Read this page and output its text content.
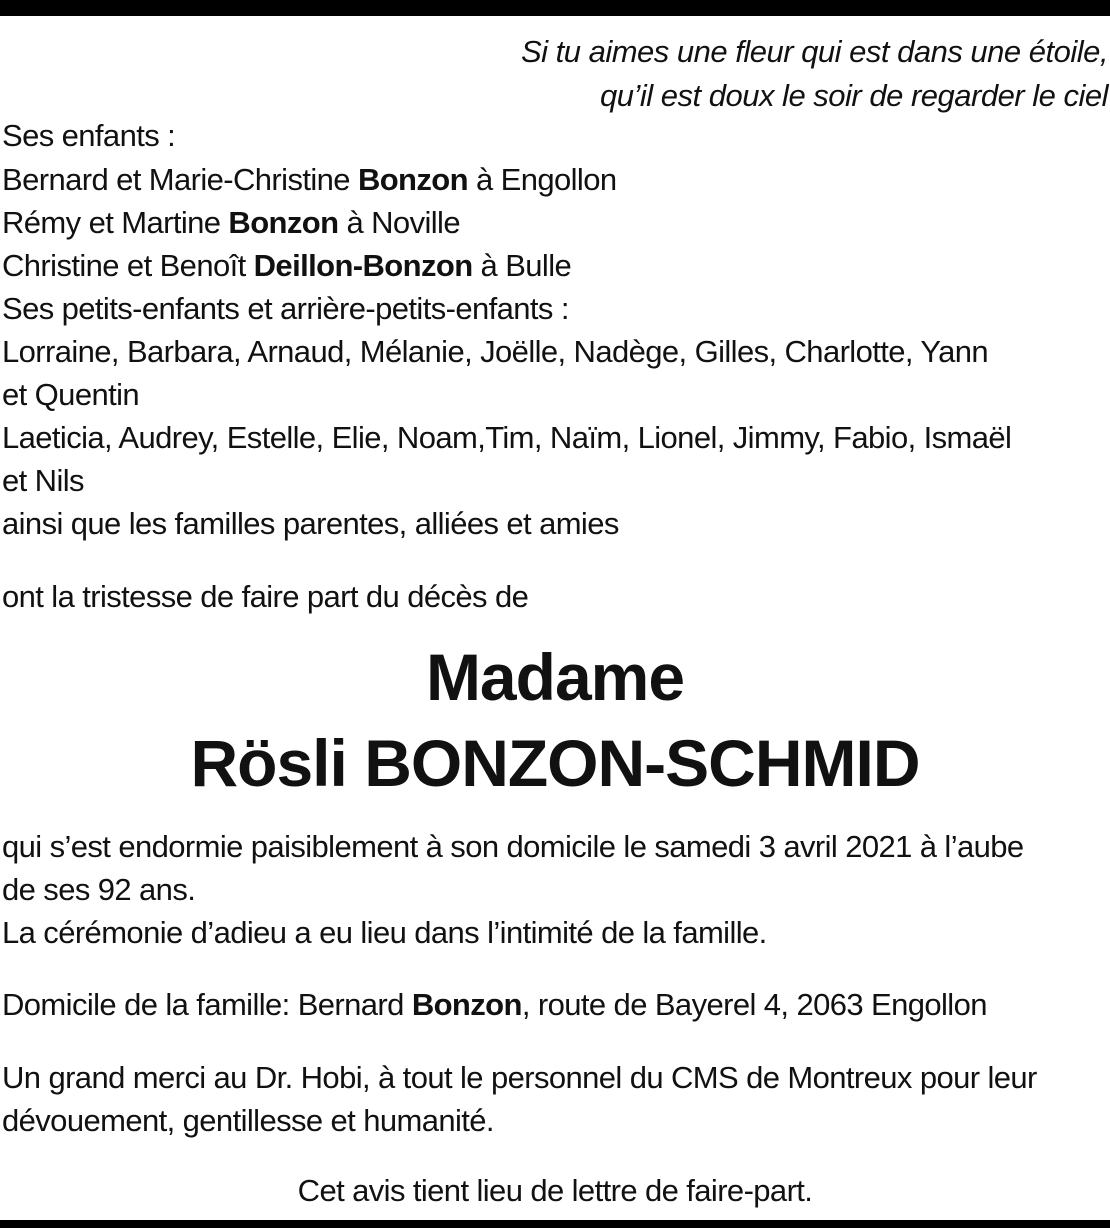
Si tu aimes une fleur qui est dans une étoile,
qu’il est doux le soir de regarder le ciel
Ses enfants :
Bernard et Marie-Christine Bonzon à Engollon
Rémy et Martine Bonzon à Noville
Christine et Benoît Deillon-Bonzon à Bulle
Ses petits-enfants et arrière-petits-enfants :
Lorraine, Barbara, Arnaud, Mélanie, Joëlle, Nadège, Gilles, Charlotte, Yann
et Quentin
Laeticia, Audrey, Estelle, Elie, Noam,Tim, Naïm, Lionel, Jimmy, Fabio, Ismaël
et Nils
ainsi que les familles parentes, alliées et amies
ont la tristesse de faire part du décès de
Madame
Rösli BONZON-SCHMID
qui s’est endormie paisiblement à son domicile le samedi 3 avril 2021 à l’aube
de ses 92 ans.
La cérémonie d’adieu a eu lieu dans l’intimité de la famille.
Domicile de la famille: Bernard Bonzon, route de Bayerel 4, 2063 Engollon
Un grand merci au Dr. Hobi, à tout le personnel du CMS de Montreux pour leur
dévouement, gentillesse et humanité.
Cet avis tient lieu de lettre de faire-part.
